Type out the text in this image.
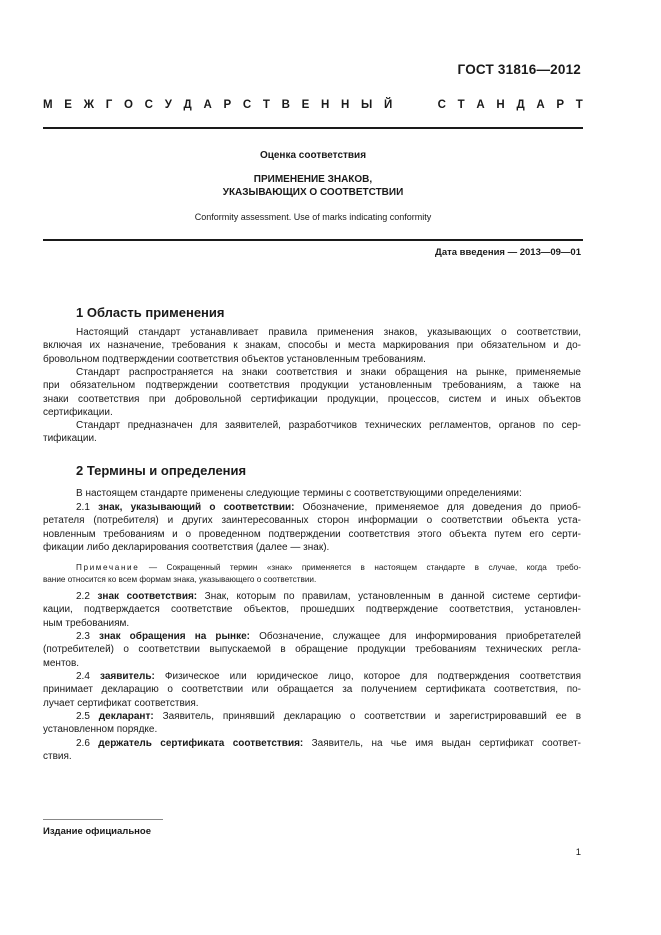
ГОСТ 31816—2012
М Е Ж Г О С У Д А Р С Т В Е Н Н Ы Й	С Т А Н Д А Р Т
Оценка соответствия
ПРИМЕНЕНИЕ ЗНАКОВ,
УКАЗЫВАЮЩИХ О СООТВЕТСТВИИ
Conformity assessment. Use of marks indicating conformity
Дата введения — 2013—09—01
1 Область применения
Настоящий стандарт устанавливает правила применения знаков, указывающих о соответствии,
включая их назначение, требования к знакам, способы и места маркирования при обязательном и до-
бровольном подтверждении соответствия объектов установленным требованиям.
Стандарт распространяется на знаки соответствия и знаки обращения на рынке, применяемые
при обязательном подтверждении соответствия продукции установленным требованиям, а также на
знаки соответствия при добровольной сертификации продукции, процессов, систем и иных объектов
сертификации.
Стандарт предназначен для заявителей, разработчиков технических регламентов, органов по сер-
тификации.
2 Термины и определения
В настоящем стандарте применены следующие термины с соответствующими определениями:
2.1 знак, указывающий о соответствии: Обозначение, применяемое для доведения до приоб-
ретателя (потребителя) и других заинтересованных сторон информации о соответствии объекта уста-
новленным требованиям и о проведенном подтверждении соответствия этого объекта путем его серти-
фикации либо декларирования соответствия (далее — знак).
Примечание — Сокращенный термин «знак» применяется в настоящем стандарте в случае, когда требо-
вание относится ко всем формам знака, указывающего о соответствии.
2.2 знак соответствия: Знак, которым по правилам, установленным в данной системе сертифи-
кации, подтверждается соответствие объектов, прошедших подтверждение соответствия, установлен-
ным требованиям.
2.3 знак обращения на рынке: Обозначение, служащее для информирования приобретателей
(потребителей) о соответствии выпускаемой в обращение продукции требованиям технических регла-
ментов.
2.4 заявитель: Физическое или юридическое лицо, которое для подтверждения соответствия
принимает декларацию о соответствии или обращается за получением сертификата соответствия, по-
лучает сертификат соответствия.
2.5 декларант: Заявитель, принявший декларацию о соответствии и зарегистрировавший ее в
установленном порядке.
2.6 держатель сертификата соответствия: Заявитель, на чье имя выдан сертификат соответ-
ствия.
Издание официальное
1
